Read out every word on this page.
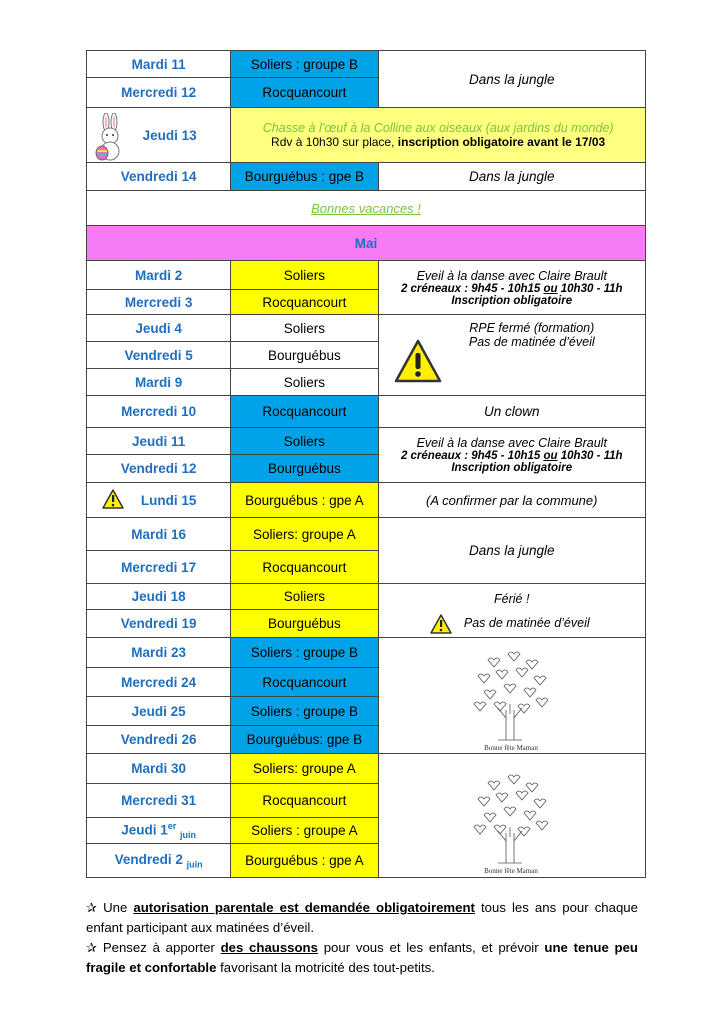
Mardi 11	Soliers : groupe B	Dans la jungle
Mercredi 12	Rocquancourt	
Jeudi 13	Chasse à l’œuf à la Colline aux oiseaux (aux jardins du monde)
Rdv à 10h30 sur place, inscription obligatoire avant le 17/03	

Vendredi 14	Bourguébus : gpe B	Dans la jungle
Bonnes vacances !		
Mai		
Mardi 2	Soliers	Eveil à la danse avec Claire Brault
2 créneaux : 9h45 - 10h15 ou 10h30 - 11h
Inscription obligatoire

Mercredi 3	Rocquancourt	
Jeudi 4	Soliers	RPE fermé (formation)
Pas de matinée d’éveil

Vendredi 5	Bourguébus	
Mardi 9	Soliers	
Mercredi 10	Rocquancourt	Un clown
Jeudi 11	Soliers	Eveil à la danse avec Claire Brault
2 créneaux : 9h45 - 10h15 ou 10h30 - 11h
Inscription obligatoire

Vendredi 12	Bourguébus	
Lundi 15	Bourguébus : gpe A	(A confirmer par la commune)
Mardi 16	Soliers: groupe A	Dans la jungle
Mercredi 17	Rocquancourt	
Jeudi 18	Soliers	Férié !
Pas de matinée d’éveil

Vendredi 19	Bourguébus	
Mardi 23	Soliers : groupe B	
Mercredi 24	Rocquancourt	
Jeudi 25	Soliers : groupe B	
Vendredi 26	Bourguébus: gpe B	
Mardi 30	Soliers: groupe A	
Mercredi 31	Rocquancourt	
Jeudi 1er $_{juin}$	Soliers : groupe A	
Vendredi 2 $_{juin}$	Bourguébus : gpe A	
Bonne fête Maman
Bonne fête Maman

✰ Une autorisation parentale est demandée obligatoirement tous les ans pour chaque enfant participant aux matinées d’éveil.

✰ Pensez à apporter des chaussons pour vous et les enfants, et prévoir une tenue peu fragile et confortable favorisant la motricité des tout-petits.
